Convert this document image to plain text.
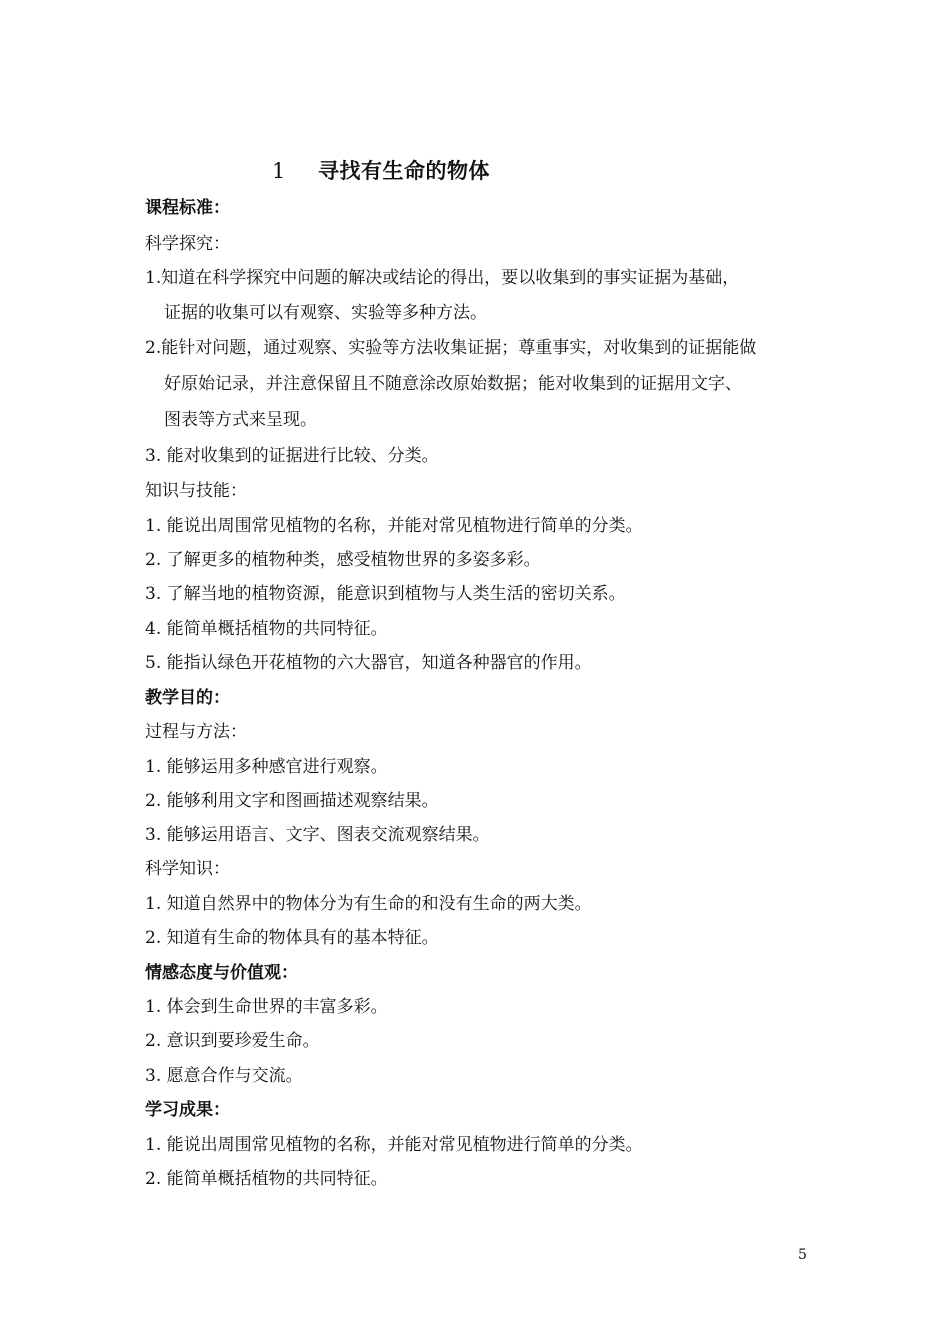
1 寻找有生命的物体
课程标准：
科学探究：
1.知道在科学探究中问题的解决或结论的得出，要以收集到的事实证据为基础，
证据的收集可以有观察、实验等多种方法。
2.能针对问题，通过观察、实验等方法收集证据；尊重事实，对收集到的证据能做
好原始记录，并注意保留且不随意涂改原始数据；能对收集到的证据用文字、
图表等方式来呈现。
3. 能对收集到的证据进行比较、分类。
知识与技能：
1. 能说出周围常见植物的名称，并能对常见植物进行简单的分类。
2. 了解更多的植物种类，感受植物世界的多姿多彩。
3. 了解当地的植物资源，能意识到植物与人类生活的密切关系。
4. 能简单概括植物的共同特征。
5. 能指认绿色开花植物的六大器官，知道各种器官的作用。
教学目的：
过程与方法：
1. 能够运用多种感官进行观察。
2. 能够利用文字和图画描述观察结果。
3. 能够运用语言、文字、图表交流观察结果。
科学知识：
1. 知道自然界中的物体分为有生命的和没有生命的两大类。
2. 知道有生命的物体具有的基本特征。
情感态度与价值观：
1. 体会到生命世界的丰富多彩。
2. 意识到要珍爱生命。
3. 愿意合作与交流。
学习成果：
1. 能说出周围常见植物的名称，并能对常见植物进行简单的分类。
2. 能简单概括植物的共同特征。
5
